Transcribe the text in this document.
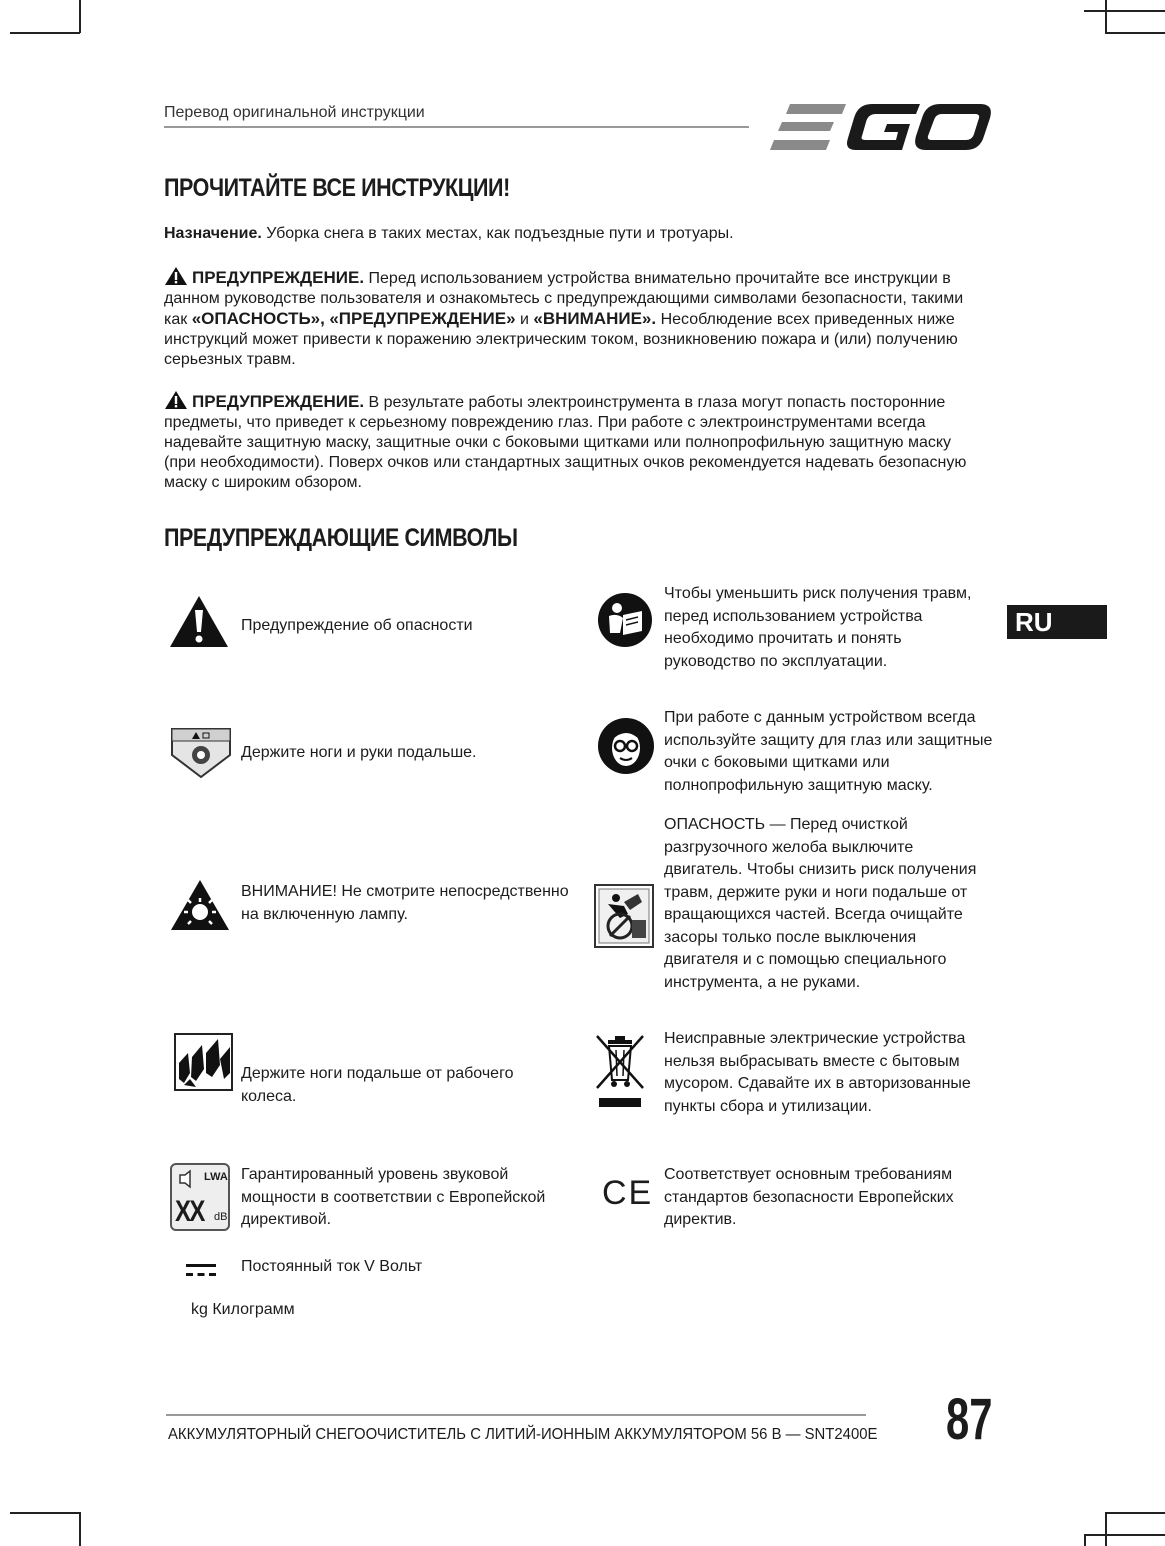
Перевод оригинальной инструкции
ПРОЧИТАЙТЕ ВСЕ ИНСТРУКЦИИ!
Назначение. Уборка снега в таких местах, как подъездные пути и тротуары.
ПРЕДУПРЕЖДЕНИЕ. Перед использованием устройства внимательно прочитайте все инструкции в данном руководстве пользователя и ознакомьтесь с предупреждающими символами безопасности, такими как «ОПАСНОСТЬ», «ПРЕДУПРЕЖДЕНИЕ» и «ВНИМАНИЕ». Несоблюдение всех приведенных ниже инструкций может привести к поражению электрическим током, возникновению пожара и (или) получению серьезных травм.
ПРЕДУПРЕЖДЕНИЕ. В результате работы электроинструмента в глаза могут попасть посторонние предметы, что приведет к серьезному повреждению глаз. При работе с электроинструментами всегда надевайте защитную маску, защитные очки с боковыми щитками или полнопрофильную защитную маску (при необходимости). Поверх очков или стандартных защитных очков рекомендуется надевать безопасную маску с широким обзором.
ПРЕДУПРЕЖДАЮЩИЕ СИМВОЛЫ
RU
Предупреждение об опасности
Держите ноги и руки подальше.
ВНИМАНИЕ! Не смотрите непосредственно на включенную лампу.
Держите ноги подальше от рабочего колеса.
LWA
XX dB
Гарантированный уровень звуковой мощности в соответствии с Европейской директивой.
Постоянный ток V Вольт
kg Килограмм
Чтобы уменьшить риск получения травм, перед использованием устройства необходимо прочитать и понять руководство по эксплуатации.
При работе с данным устройством всегда используйте защиту для глаз или защитные очки с боковыми щитками или полнопрофильную защитную маску.
ОПАСНОСТЬ — Перед очисткой разгрузочного желоба выключите двигатель. Чтобы снизить риск получения травм, держите руки и ноги подальше от вращающихся частей. Всегда очищайте засоры только после выключения двигателя и с помощью специального инструмента, а не руками.
Неисправные электрические устройства нельзя выбрасывать вместе с бытовым мусором. Сдавайте их в авторизованные пункты сбора и утилизации.
CE Соответствует основным требованиям стандартов безопасности Европейских директив.
АККУМУЛЯТОРНЫЙ СНЕГООЧИСТИТЕЛЬ С ЛИТИЙ-ИОННЫМ АККУМУЛЯТОРОМ 56 В — SNT2400E 87
